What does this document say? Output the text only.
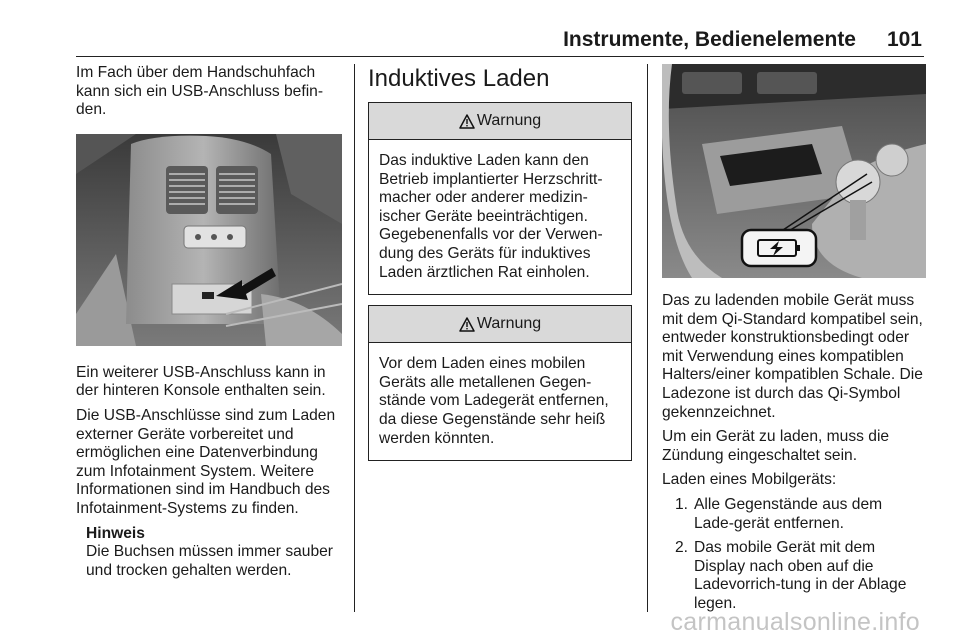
Instrumente, Bedienelemente 101

Im Fach über dem Handschuhfach kann sich ein USB-Anschluss befin-den.

Ein weiterer USB-Anschluss kann in der hinteren Konsole enthalten sein.

Die USB-Anschlüsse sind zum Laden externer Geräte vorbereitet und ermöglichen eine Datenverbindung zum Infotainment System. Weitere Informationen sind im Handbuch des Infotainment-Systems zu finden.

Hinweis
Die Buchsen müssen immer sauber und trocken gehalten werden.
Induktives Laden
Warnung
Das induktive Laden kann den Betrieb implantierter Herzschritt-macher oder anderer medizin-ischer Geräte beeinträchtigen. Gegebenenfalls vor der Verwen-dung des Geräts für induktives Laden ärztlichen Rat einholen.
Warnung
Vor dem Laden eines mobilen Geräts alle metallenen Gegen-stände vom Ladegerät entfernen, da diese Gegenstände sehr heiß werden könnten.

Das zu ladenden mobile Gerät muss mit dem Qi-Standard kompatibel sein, entweder konstruktionsbedingt oder mit Verwendung eines kompatiblen Halters/einer kompatiblen Schale. Die Ladezone ist durch das Qi-Symbol gekennzeichnet.

Um ein Gerät zu laden, muss die Zündung eingeschaltet sein.

Laden eines Mobilgeräts:

1. Alle Gegenstände aus dem Lade-gerät entfernen.
2. Das mobile Gerät mit dem Display nach oben auf die Ladevorrich-tung in der Ablage legen.
carmanualsonline.info
